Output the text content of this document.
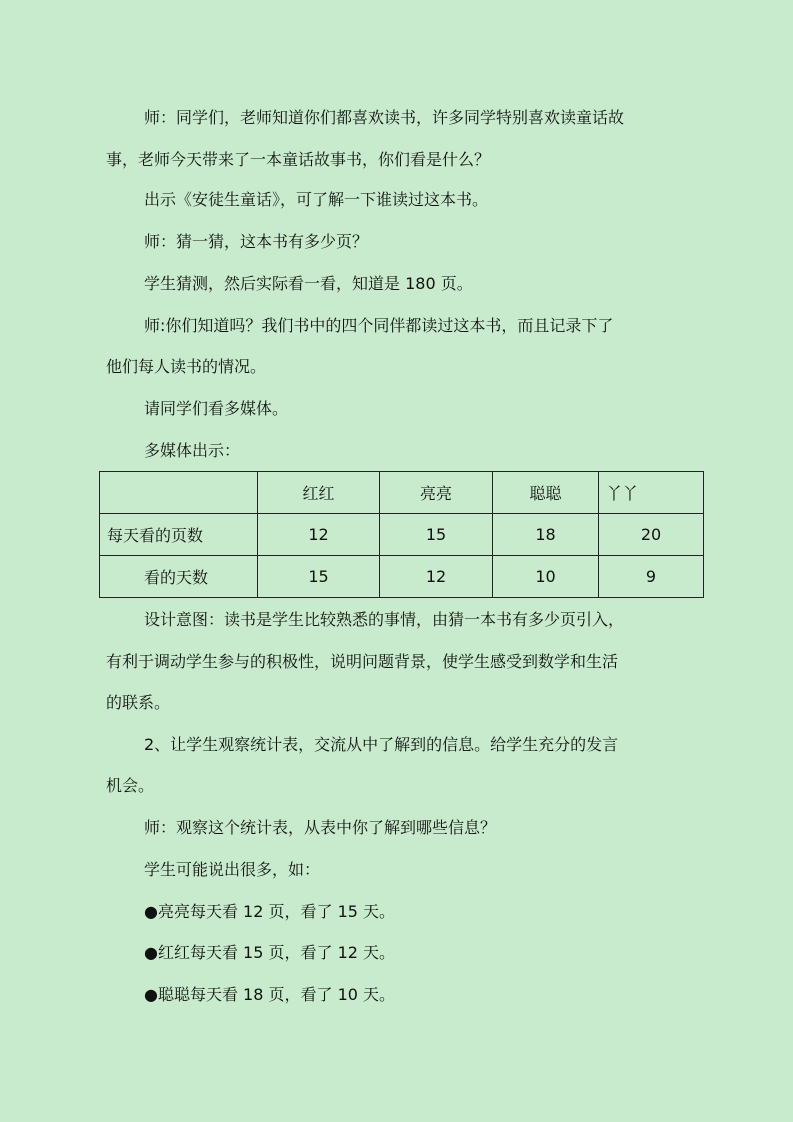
师：同学们，老师知道你们都喜欢读书，许多同学特别喜欢读童话故

事，老师今天带来了一本童话故事书，你们看是什么？

出示《安徒生童话》，可了解一下谁读过这本书。

师：猜一猜，这本书有多少页？

学生猜测，然后实际看一看，知道是 180 页。

师:你们知道吗？我们书中的四个同伴都读过这本书，而且记录下了

他们每人读书的情况。

请同学们看多媒体。

多媒体出示：

	红红	亮亮	聪聪	丫丫
每天看的页数	12	15	18	20
看的天数	15	12	10	9

设计意图：读书是学生比较熟悉的事情，由猜一本书有多少页引入，

有利于调动学生参与的积极性，说明问题背景，使学生感受到数学和生活

的联系。

2、让学生观察统计表，交流从中了解到的信息。给学生充分的发言

机会。

师：观察这个统计表，从表中你了解到哪些信息？

学生可能说出很多，如：

●亮亮每天看 12 页，看了 15 天。

●红红每天看 15 页，看了 12 天。

●聪聪每天看 18 页，看了 10 天。
